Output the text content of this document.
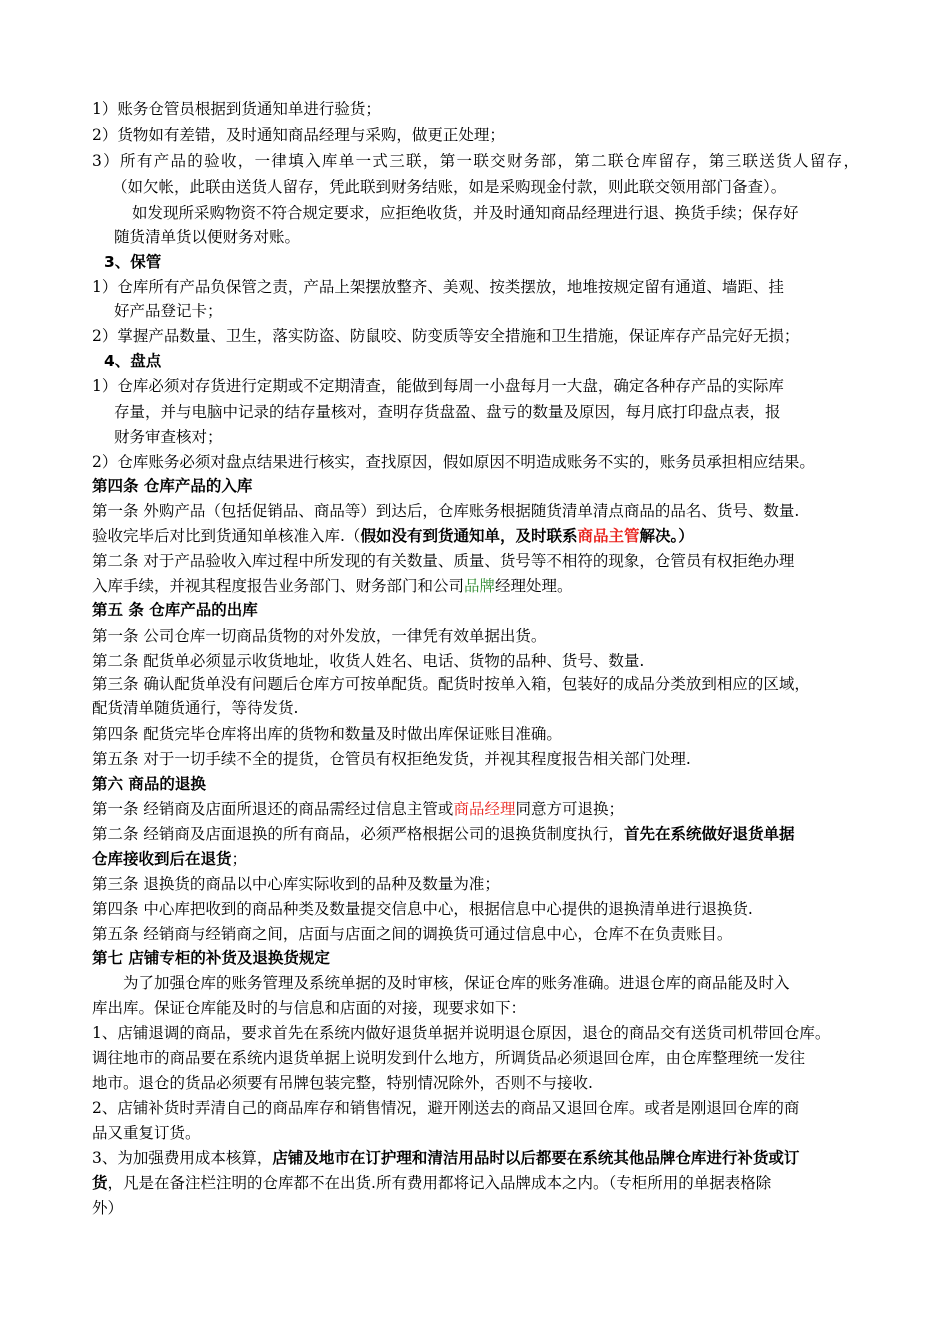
1）账务仓管员根据到货通知单进行验货；
2）货物如有差错，及时通知商品经理与采购，做更正处理；
3）所有产品的验收，一律填入库单一式三联，第一联交财务部，第二联仓库留存，第三联送货人留存，
（如欠帐，此联由送货人留存，凭此联到财务结账，如是采购现金付款，则此联交领用部门备查）。
如发现所采购物资不符合规定要求，应拒绝收货，并及时通知商品经理进行退、换货手续；保存好
随货清单货以便财务对账。
3、保管
1）仓库所有产品负保管之责，产品上架摆放整齐、美观、按类摆放，地堆按规定留有通道、墙距、挂
好产品登记卡；
2）掌握产品数量、卫生，落实防盗、防鼠咬、防变质等安全措施和卫生措施，保证库存产品完好无损；
4、盘点
1）仓库必须对存货进行定期或不定期清查，能做到每周一小盘每月一大盘，确定各种存产品的实际库
存量，并与电脑中记录的结存量核对，查明存货盘盈、盘亏的数量及原因，每月底打印盘点表，报
财务审查核对；
2）仓库账务必须对盘点结果进行核实，查找原因，假如原因不明造成账务不实的，账务员承担相应结果。
第四条 仓库产品的入库
第一条 外购产品（包括促销品、商品等）到达后，仓库账务根据随货清单清点商品的品名、货号、数量.
验收完毕后对比到货通知单核准入库.（假如没有到货通知单，及时联系商品主管解决。）
第二条 对于产品验收入库过程中所发现的有关数量、质量、货号等不相符的现象，仓管员有权拒绝办理
入库手续，并视其程度报告业务部门、财务部门和公司品牌经理处理。
第五 条 仓库产品的出库
第一条 公司仓库一切商品货物的对外发放，一律凭有效单据出货。
第二条 配货单必须显示收货地址，收货人姓名、电话、货物的品种、货号、数量.
第三条 确认配货单没有问题后仓库方可按单配货。配货时按单入箱，包装好的成品分类放到相应的区域，
配货清单随货通行，等待发货.
第四条 配货完毕仓库将出库的货物和数量及时做出库保证账目准确。
第五条 对于一切手续不全的提货，仓管员有权拒绝发货，并视其程度报告相关部门处理.
第六 商品的退换
第一条 经销商及店面所退还的商品需经过信息主管或商品经理同意方可退换；
第二条 经销商及店面退换的所有商品，必须严格根据公司的退换货制度执行，首先在系统做好退货单据
仓库接收到后在退货；
第三条 退换货的商品以中心库实际收到的品种及数量为准；
第四条 中心库把收到的商品种类及数量提交信息中心，根据信息中心提供的退换清单进行退换货.
第五条 经销商与经销商之间，店面与店面之间的调换货可通过信息中心，仓库不在负责账目。
第七 店铺专柜的补货及退换货规定
为了加强仓库的账务管理及系统单据的及时审核，保证仓库的账务准确。进退仓库的商品能及时入
库出库。保证仓库能及时的与信息和店面的对接，现要求如下：
1、店铺退调的商品，要求首先在系统内做好退货单据并说明退仓原因，退仓的商品交有送货司机带回仓库。
调往地市的商品要在系统内退货单据上说明发到什么地方，所调货品必须退回仓库，由仓库整理统一发往
地市。退仓的货品必须要有吊牌包装完整，特别情况除外，否则不与接收.
2、店铺补货时弄清自己的商品库存和销售情况，避开刚送去的商品又退回仓库。或者是刚退回仓库的商
品又重复订货。
3、为加强费用成本核算，店铺及地市在订护理和清洁用品时以后都要在系统其他品牌仓库进行补货或订
货，凡是在备注栏注明的仓库都不在出货.所有费用都将记入品牌成本之内。（专柜所用的单据表格除
外）
